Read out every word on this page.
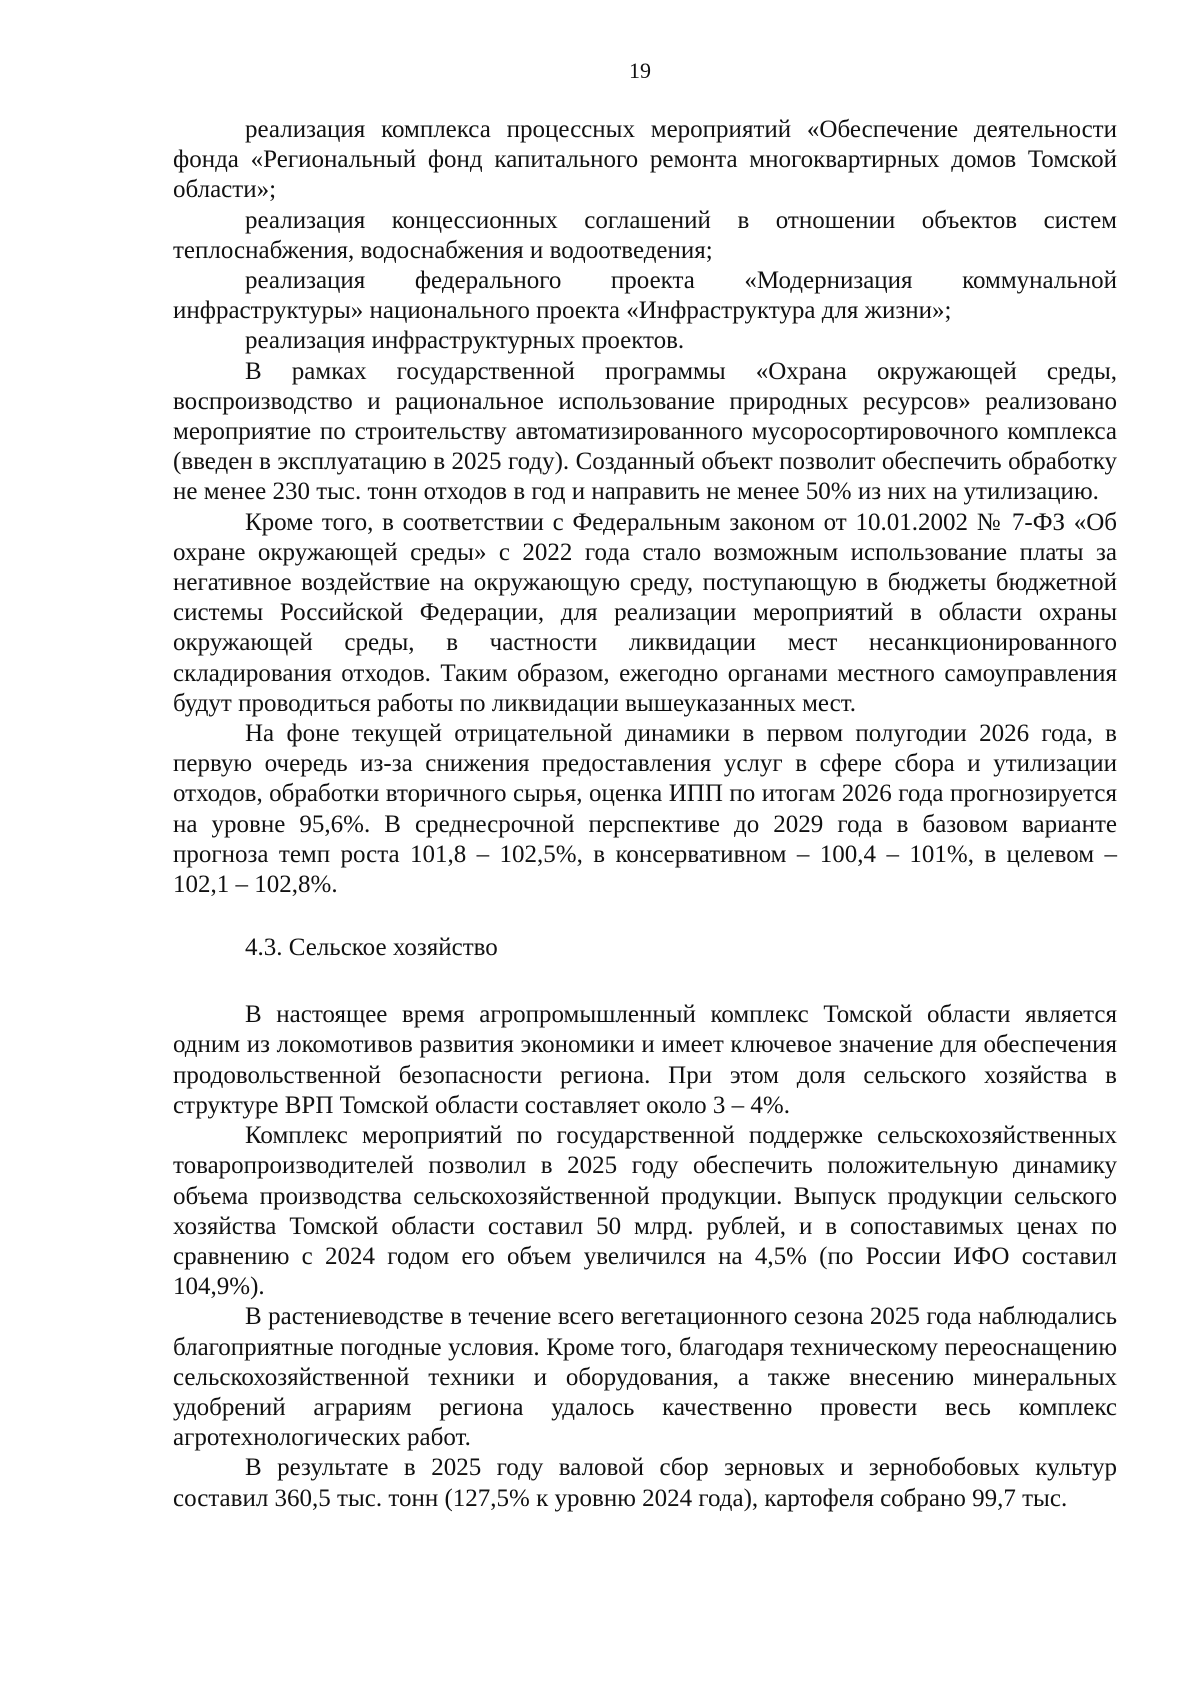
19

реализация комплекса процессных мероприятий «Обеспечение деятельности фонда «Региональный фонд капитального ремонта многоквартирных домов Томской области»;

реализация концессионных соглашений в отношении объектов систем теплоснабжения, водоснабжения и водоотведения;

реализация федерального проекта «Модернизация коммунальной инфраструктуры» национального проекта «Инфраструктура для жизни»;

реализация инфраструктурных проектов.

В рамках государственной программы «Охрана окружающей среды, воспроизводство и рациональное использование природных ресурсов» реализовано мероприятие по строительству автоматизированного мусоросортировочного комплекса (введен в эксплуатацию в 2025 году). Созданный объект позволит обеспечить обработку не менее 230 тыс. тонн отходов в год и направить не менее 50% из них на утилизацию.

Кроме того, в соответствии с Федеральным законом от 10.01.2002 № 7-ФЗ «Об охране окружающей среды» с 2022 года стало возможным использование платы за негативное воздействие на окружающую среду, поступающую в бюджеты бюджетной системы Российской Федерации, для реализации мероприятий в области охраны окружающей среды, в частности ликвидации мест несанкционированного складирования отходов. Таким образом, ежегодно органами местного самоуправления будут проводиться работы по ликвидации вышеуказанных мест.

На фоне текущей отрицательной динамики в первом полугодии 2026 года, в первую очередь из-за снижения предоставления услуг в сфере сбора и утилизации отходов, обработки вторичного сырья, оценка ИПП по итогам 2026 года прогнозируется на уровне 95,6%. В среднесрочной перспективе до 2029 года в базовом варианте прогноза темп роста 101,8 – 102,5%, в консервативном – 100,4 – 101%, в целевом – 102,1 – 102,8%.

4.3. Сельское хозяйство

В настоящее время агропромышленный комплекс Томской области является одним из локомотивов развития экономики и имеет ключевое значение для обеспечения продовольственной безопасности региона. При этом доля сельского хозяйства в структуре ВРП Томской области составляет около 3 – 4%.

Комплекс мероприятий по государственной поддержке сельскохозяйственных товаропроизводителей позволил в 2025 году обеспечить положительную динамику объема производства сельскохозяйственной продукции. Выпуск продукции сельского хозяйства Томской области составил 50 млрд. рублей, и в сопоставимых ценах по сравнению с 2024 годом его объем увеличился на 4,5% (по России ИФО составил 104,9%).

В растениеводстве в течение всего вегетационного сезона 2025 года наблюдались благоприятные погодные условия. Кроме того, благодаря техническому переоснащению сельскохозяйственной техники и оборудования, а также внесению минеральных удобрений аграриям региона удалось качественно провести весь комплекс агротехнологических работ.

В результате в 2025 году валовой сбор зерновых и зернобобовых культур составил 360,5 тыс. тонн (127,5% к уровню 2024 года), картофеля собрано 99,7 тыс.
